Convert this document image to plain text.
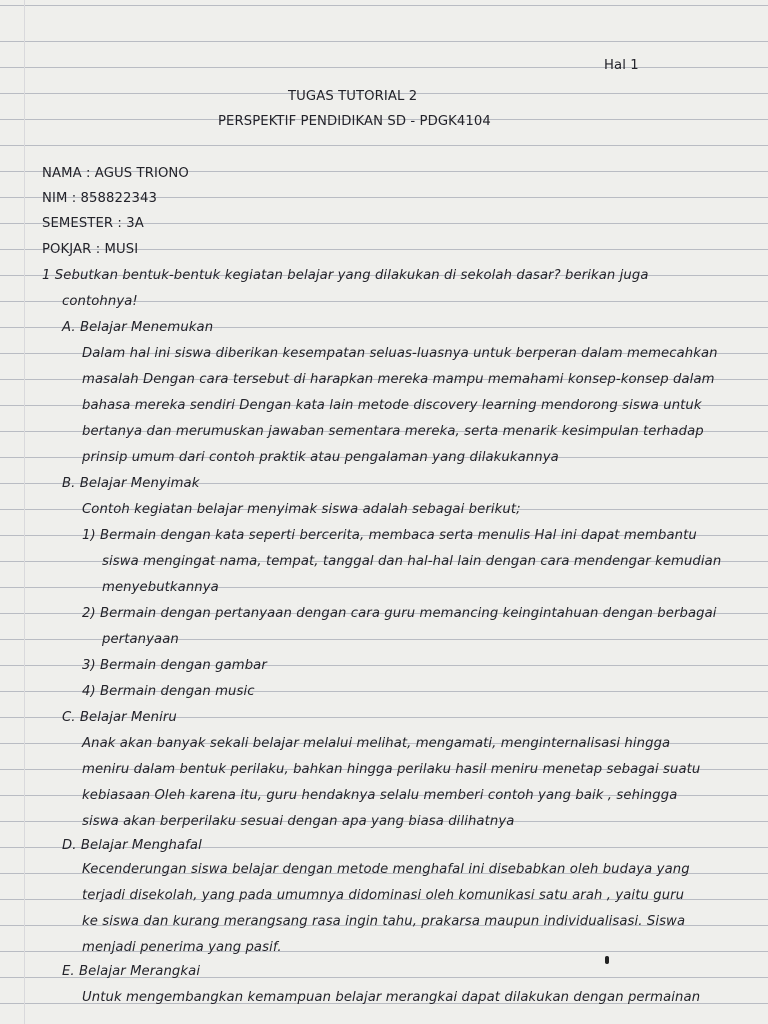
Hal 1
TUGAS TUTORIAL 2
PERSPEKTIF PENDIDIKAN SD - PDGK4104
NAMA : AGUS TRIONO
NIM : 858822343
SEMESTER : 3A
POKJAR : MUSI
1 Sebutkan bentuk-bentuk kegiatan belajar yang dilakukan di sekolah dasar? berikan juga
contohnya!
A. Belajar Menemukan
Dalam hal ini siswa diberikan kesempatan seluas-luasnya untuk berperan dalam memecahkan
masalah Dengan cara tersebut di harapkan mereka mampu memahami konsep-konsep dalam
bahasa mereka sendiri Dengan kata lain metode discovery learning mendorong siswa untuk
bertanya dan merumuskan jawaban sementara mereka, serta menarik kesimpulan terhadap
prinsip umum dari contoh praktik atau pengalaman yang dilakukannya
B. Belajar Menyimak
Contoh kegiatan belajar menyimak siswa adalah sebagai berikut;
1) Bermain dengan kata seperti bercerita, membaca serta menulis Hal ini dapat membantu
siswa mengingat nama, tempat, tanggal dan hal-hal lain dengan cara mendengar kemudian
menyebutkannya
2) Bermain dengan pertanyaan dengan cara guru memancing keingintahuan dengan berbagai
pertanyaan
3) Bermain dengan gambar
4) Bermain dengan music
C. Belajar Meniru
Anak akan banyak sekali belajar melalui melihat, mengamati, menginternalisasi hingga
meniru dalam bentuk perilaku, bahkan hingga perilaku hasil meniru menetap sebagai suatu
kebiasaan Oleh karena itu, guru hendaknya selalu memberi contoh yang baik , sehingga
siswa akan berperilaku sesuai dengan apa yang biasa dilihatnya
D. Belajar Menghafal
Kecenderungan siswa belajar dengan metode menghafal ini disebabkan oleh budaya yang
terjadi disekolah, yang pada umumnya didominasi oleh komunikasi satu arah , yaitu guru
ke siswa dan kurang merangsang rasa ingin tahu, prakarsa maupun individualisasi. Siswa
menjadi penerima yang pasif.
E. Belajar Merangkai
Untuk mengembangkan kemampuan belajar merangkai dapat dilakukan dengan permainan
